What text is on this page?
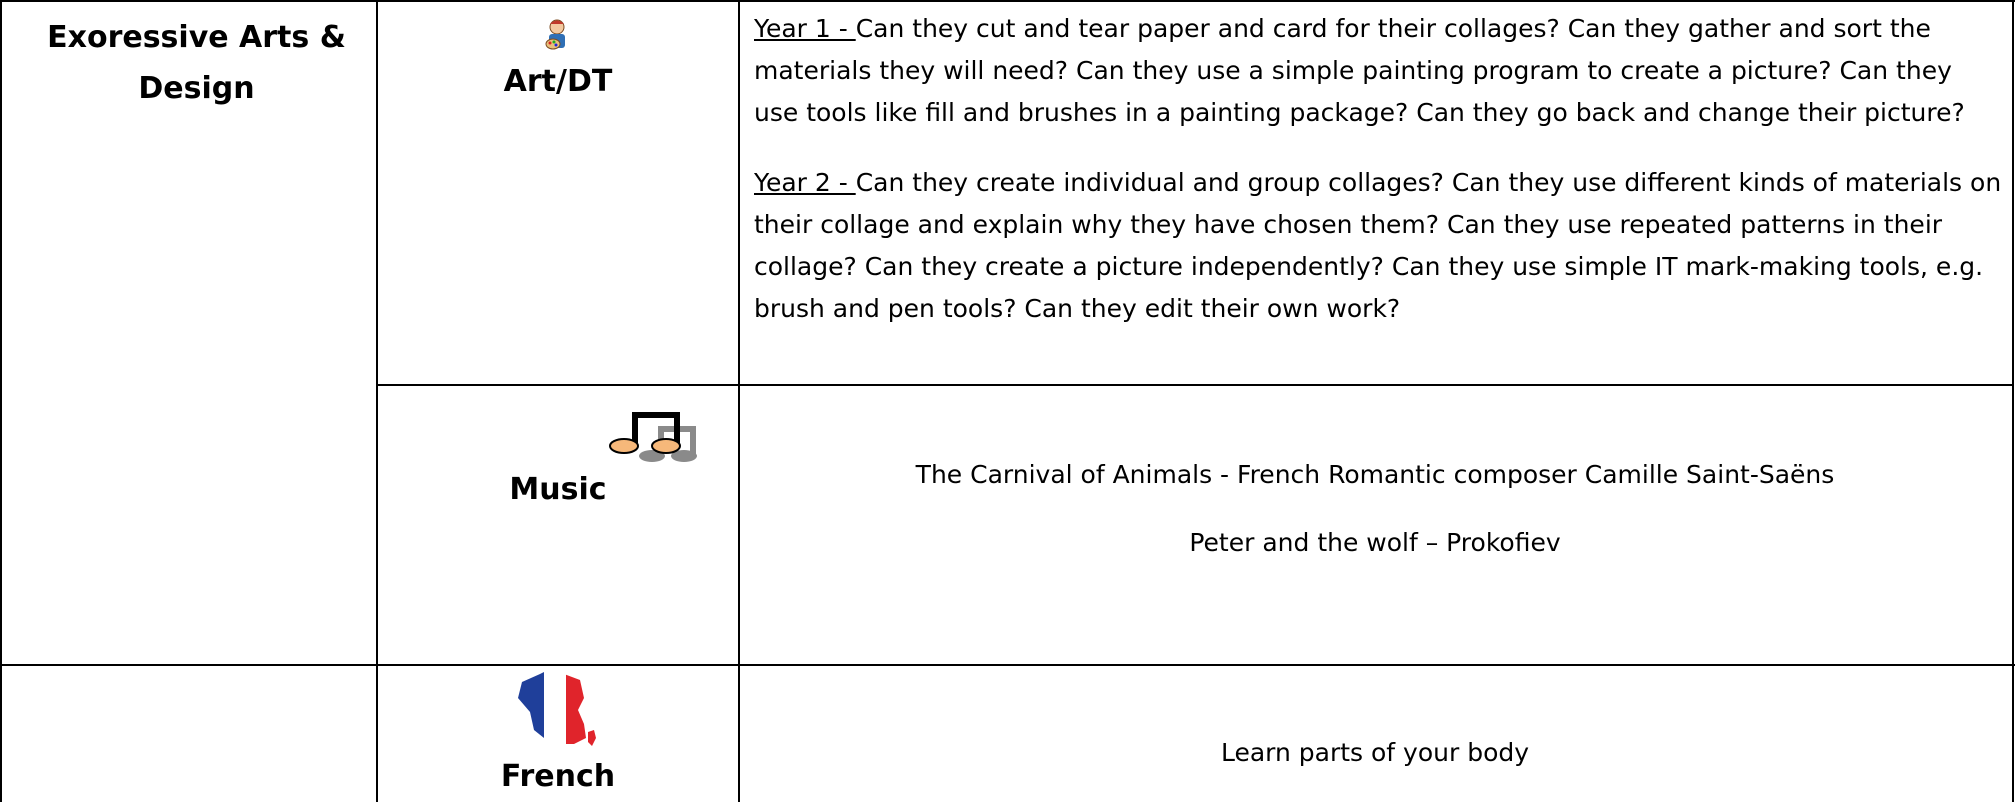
Exoressive Arts & Design	Art/DT

Year 1 - Can they cut and tear paper and card for their collages? Can they gather and sort the materials they will need? Can they use a simple painting program to create a picture? Can they use tools like fill and brushes in a painting package? Can they go back and change their picture?

Year 2 - Can they create individual and group collages? Can they use different kinds of materials on their collage and explain why they have chosen them? Can they use repeated patterns in their collage? Can they create a picture independently? Can they use simple IT mark-making tools, e.g. brush and pen tools? Can they edit their own work?

Music	The Carnival of Animals - French Romantic composer Camille Saint-Saëns
Peter and the wolf – Prokofiev
French
Learn parts of your body
